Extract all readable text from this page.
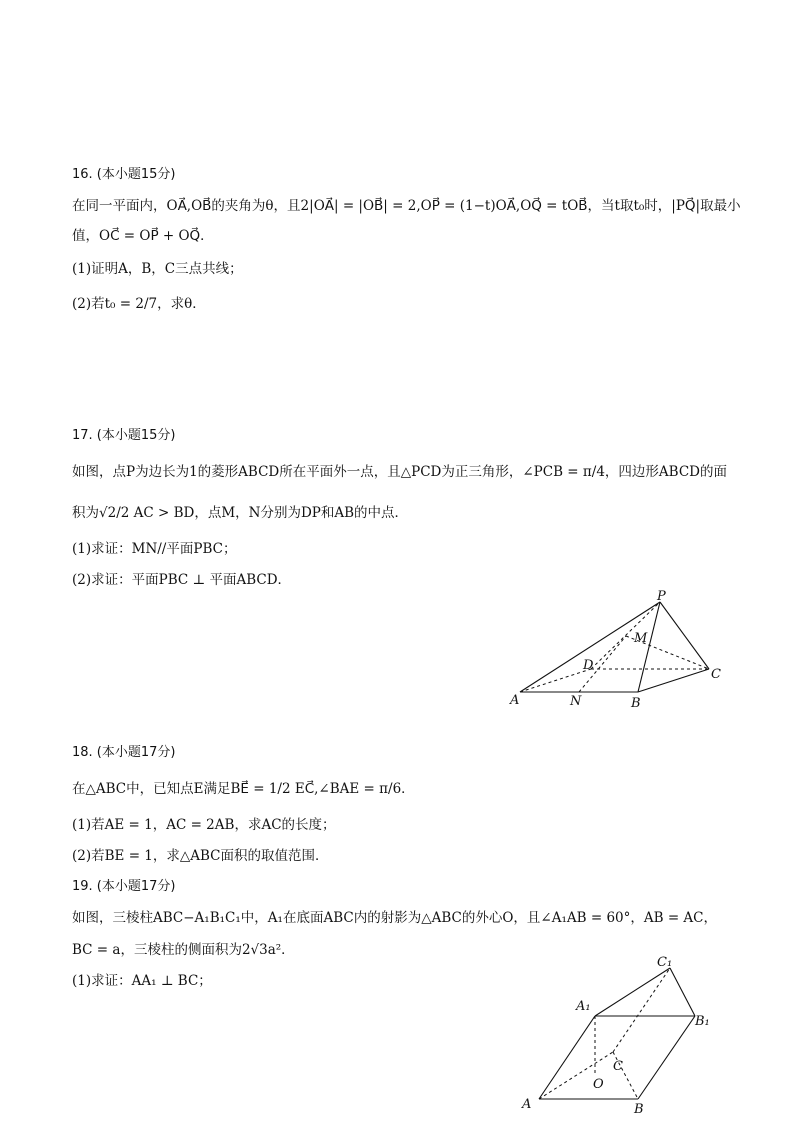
16. (本小题15分)
在同一平面内，OA⃗,OB⃗的夹角为θ，且2|OA⃗| = |OB⃗| = 2,OP⃗ = (1−t)OA⃗,OQ⃗ = tOB⃗，当t取t₀时，|PQ⃗|取最小
值，OC⃗ = OP⃗ + OQ⃗．
(1)证明A，B，C三点共线；
(2)若t₀ = 2/7，求θ．
17. (本小题15分)
如图，点P为边长为1的菱形ABCD所在平面外一点，且△PCD为正三角形，∠PCB = π/4，四边形ABCD的面
积为√2/2 AC > BD，点M，N分别为DP和AB的中点．
(1)求证：MN//平面PBC；
(2)求证：平面PBC ⊥ 平面ABCD．
P
M
D
C
A	N	B
18. (本小题17分)
在△ABC中，已知点E满足BE⃗ = 1/2 EC⃗,∠BAE = π/6．
(1)若AE = 1，AC = 2AB，求AC的长度；
(2)若BE = 1，求△ABC面积的取值范围．
19. (本小题17分)
如图，三棱柱ABC−A₁B₁C₁中，A₁在底面ABC内的射影为△ABC的外心O，且∠A₁AB = 60°，AB = AC，
BC = a，三棱柱的侧面积为2√3a²．
(1)求证：AA₁ ⊥ BC；
C₁
A₁
B₁
C
O
A	B
